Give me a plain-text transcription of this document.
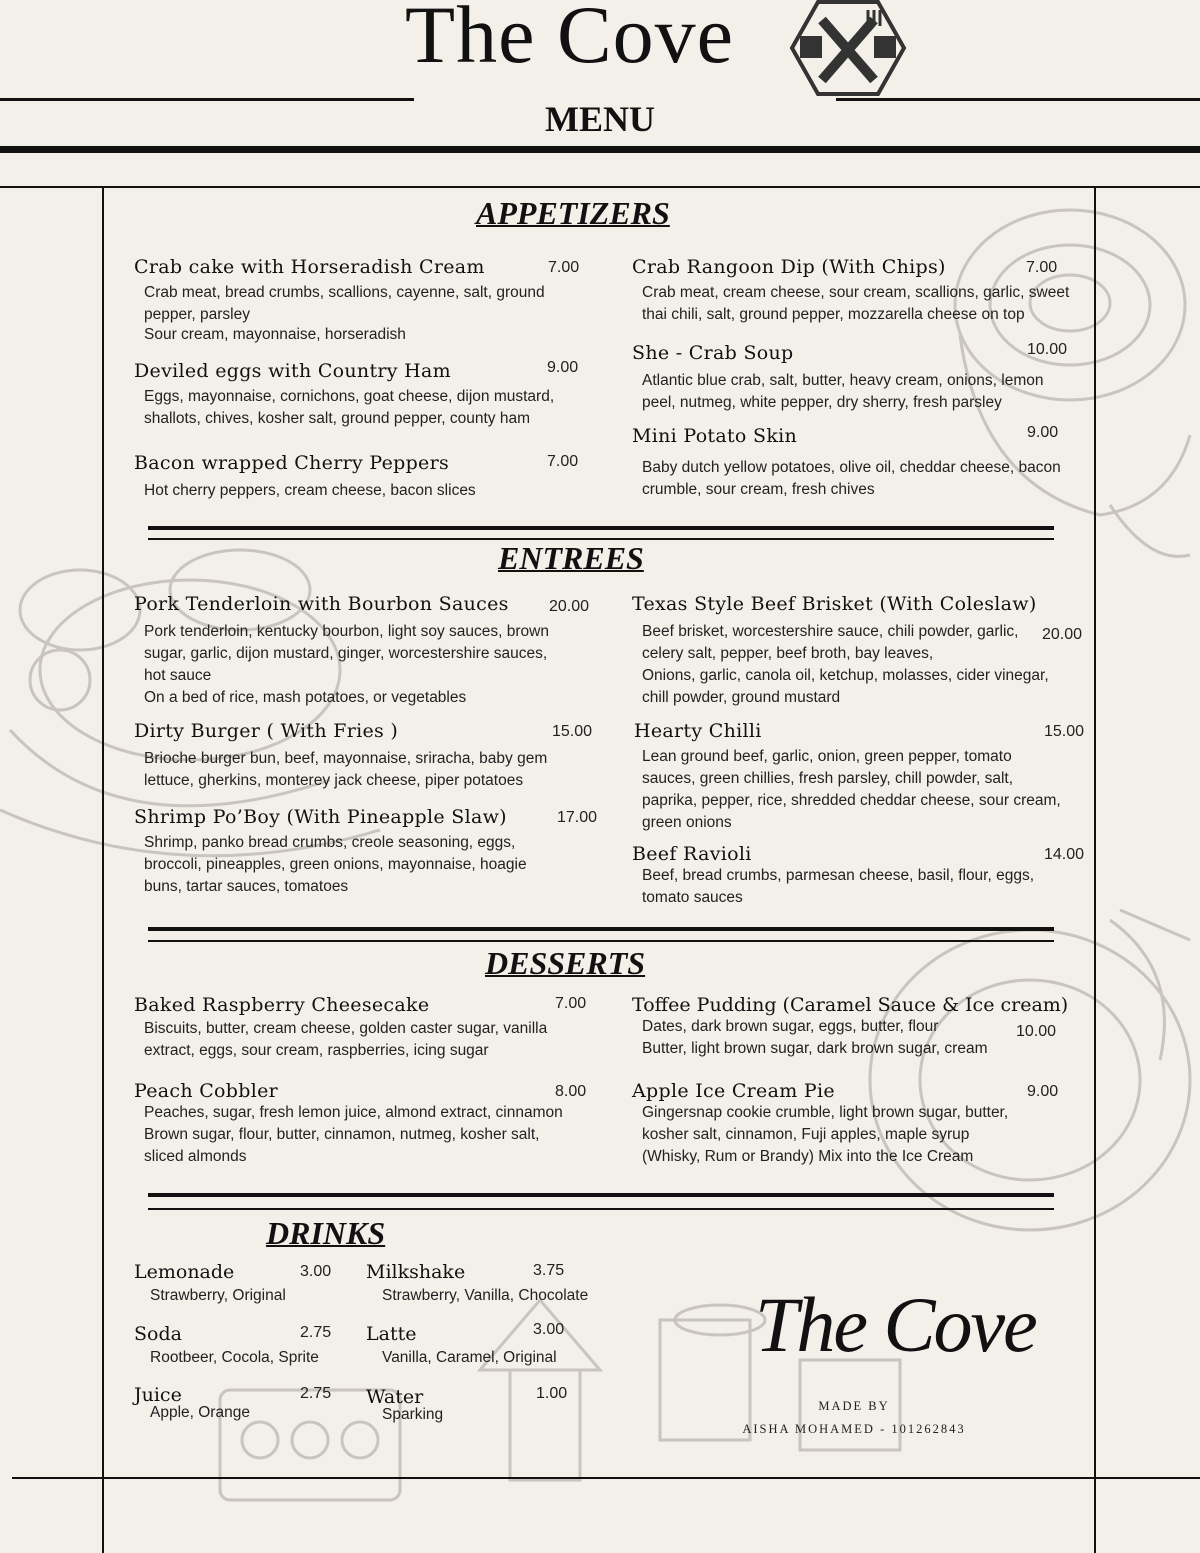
The Cove
MENU
APPETIZERS
Crab cake with Horseradish Cream	7.00
Crab meat, bread crumbs, scallions, cayenne, salt, ground
pepper, parsley
Sour cream, mayonnaise, horseradish
Deviled eggs with Country Ham	9.00
Eggs, mayonnaise, cornichons, goat cheese, dijon mustard,
shallots, chives, kosher salt, ground pepper, county ham
Bacon wrapped Cherry Peppers	7.00
Hot cherry peppers, cream cheese, bacon slices
Crab Rangoon Dip (With Chips)	7.00
Crab meat, cream cheese, sour cream, scallions, garlic, sweet
thai chili, salt, ground pepper, mozzarella cheese on top
She - Crab Soup	10.00
Atlantic blue crab, salt, butter, heavy cream, onions, lemon
peel, nutmeg, white pepper, dry sherry, fresh parsley
Mini Potato Skin	9.00
Baby dutch yellow potatoes, olive oil, cheddar cheese, bacon
crumble, sour cream, fresh chives
ENTREES
Pork Tenderloin with Bourbon Sauces	20.00
Pork tenderloin, kentucky bourbon, light soy sauces, brown
sugar, garlic, dijon mustard, ginger, worcestershire sauces,
hot sauce
On a bed of rice, mash potatoes, or vegetables
Dirty Burger ( With Fries )	15.00
Brioche burger bun, beef, mayonnaise, sriracha, baby gem
lettuce, gherkins, monterey jack cheese, piper potatoes
Shrimp Po’Boy (With Pineapple Slaw)	17.00
Shrimp, panko bread crumbs, creole seasoning, eggs,
broccoli, pineapples, green onions, mayonnaise, hoagie
buns, tartar sauces, tomatoes
Texas Style Beef Brisket (With Coleslaw)
20.00
Beef brisket, worcestershire sauce, chili powder, garlic,
celery salt, pepper, beef broth, bay leaves,
Onions, garlic, canola oil, ketchup, molasses, cider vinegar,
chill powder, ground mustard
Hearty Chilli	15.00
Lean ground beef, garlic, onion, green pepper, tomato
sauces, green chillies, fresh parsley, chill powder, salt,
paprika, pepper, rice, shredded cheddar cheese, sour cream,
green onions
Beef Ravioli	14.00
Beef, bread crumbs, parmesan cheese, basil, flour, eggs,
tomato sauces
DESSERTS
Baked Raspberry Cheesecake	7.00
Biscuits, butter, cream cheese, golden caster sugar, vanilla
extract, eggs, sour cream, raspberries, icing sugar
Peach Cobbler	8.00
Peaches, sugar, fresh lemon juice, almond extract, cinnamon
Brown sugar, flour, butter, cinnamon, nutmeg, kosher salt,
sliced almonds
Toffee Pudding (Caramel Sauce & Ice cream)
10.00
Dates, dark brown sugar, eggs, butter, flour
Butter, light brown sugar, dark brown sugar, cream
Apple Ice Cream Pie	9.00
Gingersnap cookie crumble, light brown sugar, butter,
kosher salt, cinnamon, Fuji apples, maple syrup
(Whisky, Rum or Brandy) Mix into the Ice Cream
DRINKS
Lemonade	3.00
Strawberry, Original
Soda	2.75
Rootbeer, Cocola, Sprite
Juice	2.75
Apple, Orange
Milkshake	3.75
Strawberry, Vanilla, Chocolate
Latte	3.00
Vanilla, Caramel, Original
Water	1.00
Sparking
The Cove
MADE BY
AISHA MOHAMED - 101262843
